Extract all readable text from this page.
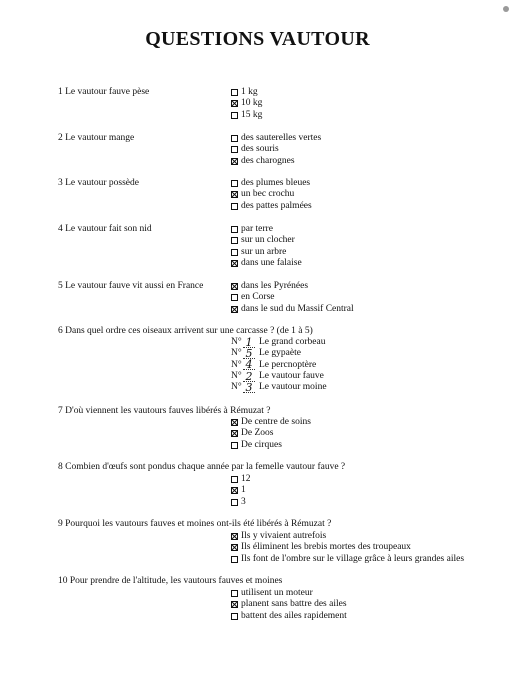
QUESTIONS VAUTOUR
1 Le vautour fauve pèse	1 kg
10 kg
15 kg
2 Le vautour mange	des sauterelles vertes
des souris
des charognes
3 Le vautour possède	des plumes bleues
un bec crochu
des pattes palmées
4 Le vautour fait son nid	par terre
sur un clocher
sur un arbre
dans une falaise
5 Le vautour fauve vit aussi en France	dans les Pyrénées
en Corse
dans le sud du Massif Central
6 Dans quel ordre ces oiseaux arrivent sur une carcasse ? (de 1 à 5)
N° 1 Le grand corbeau
N° 5 Le gypaète
N° 4 Le percnoptère
N° 2 Le vautour fauve
N° 3 Le vautour moine
7 D'où viennent les vautours fauves libérés à Rémuzat ?
De centre de soins
De Zoos
De cirques
8 Combien d'œufs sont pondus chaque année par la femelle vautour fauve ?
12
1
3
9 Pourquoi les vautours fauves et moines ont-ils été libérés à Rémuzat ?
Ils y vivaient autrefois
Ils éliminent les brebis mortes des troupeaux
Ils font de l'ombre sur le village grâce à leurs grandes ailes
10 Pour prendre de l'altitude, les vautours fauves et moines
utilisent un moteur
planent sans battre des ailes
battent des ailes rapidement
